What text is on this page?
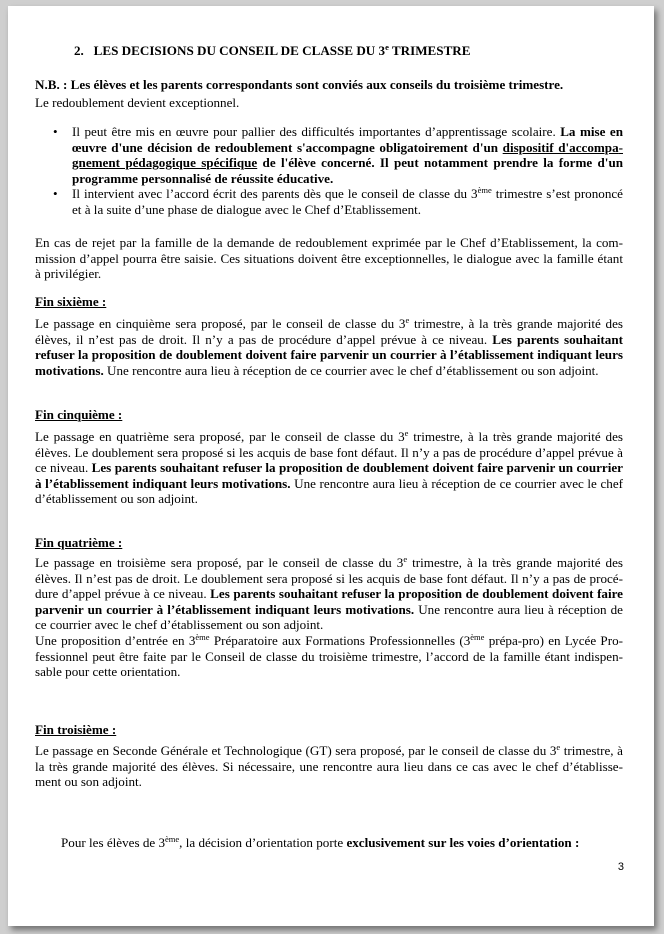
2. LES DECISIONS DU CONSEIL DE CLASSE DU 3e TRIMESTRE

N.B. : Les élèves et les parents correspondants sont conviés aux conseils du troisième trimestre.

Le redoublement devient exceptionnel.

• Il peut être mis en œuvre pour pallier des difficultés importantes d’apprentissage scolaire. La mise en œuvre d'une décision de redoublement s'accompagne obligatoirement d'un dispositif d'accompagnement pédagogique spécifique de l'élève concerné. Il peut notamment prendre la forme d'un programme personnalisé de réussite éducative.
• Il intervient avec l’accord écrit des parents dès que le conseil de classe du 3ème trimestre s’est prononcé et à la suite d’une phase de dialogue avec le Chef d’Etablissement.

En cas de rejet par la famille de la demande de redoublement exprimée par le Chef d’Etablissement, la commission d’appel pourra être saisie. Ces situations doivent être exceptionnelles, le dialogue avec la famille étant à privilégier.

Fin sixième :

Le passage en cinquième sera proposé, par le conseil de classe du 3e trimestre, à la très grande majorité des élèves, il n’est pas de droit. Il n’y a pas de procédure d’appel prévue à ce niveau. Les parents souhaitant refuser la proposition de doublement doivent faire parvenir un courrier à l’établissement indiquant leurs motivations. Une rencontre aura lieu à réception de ce courrier avec le chef d’établissement ou son adjoint.

Fin cinquième :

Le passage en quatrième sera proposé, par le conseil de classe du 3e trimestre, à la très grande majorité des élèves. Le doublement sera proposé si les acquis de base font défaut. Il n’y a pas de procédure d’appel prévue à ce niveau. Les parents souhaitant refuser la proposition de doublement doivent faire parvenir un courrier à l’établissement indiquant leurs motivations. Une rencontre aura lieu à réception de ce courrier avec le chef d’établissement ou son adjoint.

Fin quatrième :

Le passage en troisième sera proposé, par le conseil de classe du 3e trimestre, à la très grande majorité des élèves. Il n’est pas de droit. Le doublement sera proposé si les acquis de base font défaut. Il n’y a pas de procédure d’appel prévue à ce niveau. Les parents souhaitant refuser la proposition de doublement doivent faire parvenir un courrier à l’établissement indiquant leurs motivations. Une rencontre aura lieu à réception de ce courrier avec le chef d’établissement ou son adjoint.
Une proposition d’entrée en 3ème Préparatoire aux Formations Professionnelles (3ème prépa-pro) en Lycée Professionnel peut être faite par le Conseil de classe du troisième trimestre, l’accord de la famille étant indispensable pour cette orientation.

Fin troisième :

Le passage en Seconde Générale et Technologique (GT) sera proposé, par le conseil de classe du 3e trimestre, à la très grande majorité des élèves. Si nécessaire, une rencontre aura lieu dans ce cas avec le chef d’établissement ou son adjoint.

Pour les élèves de 3ème, la décision d’orientation porte exclusivement sur les voies d’orientation :

3
